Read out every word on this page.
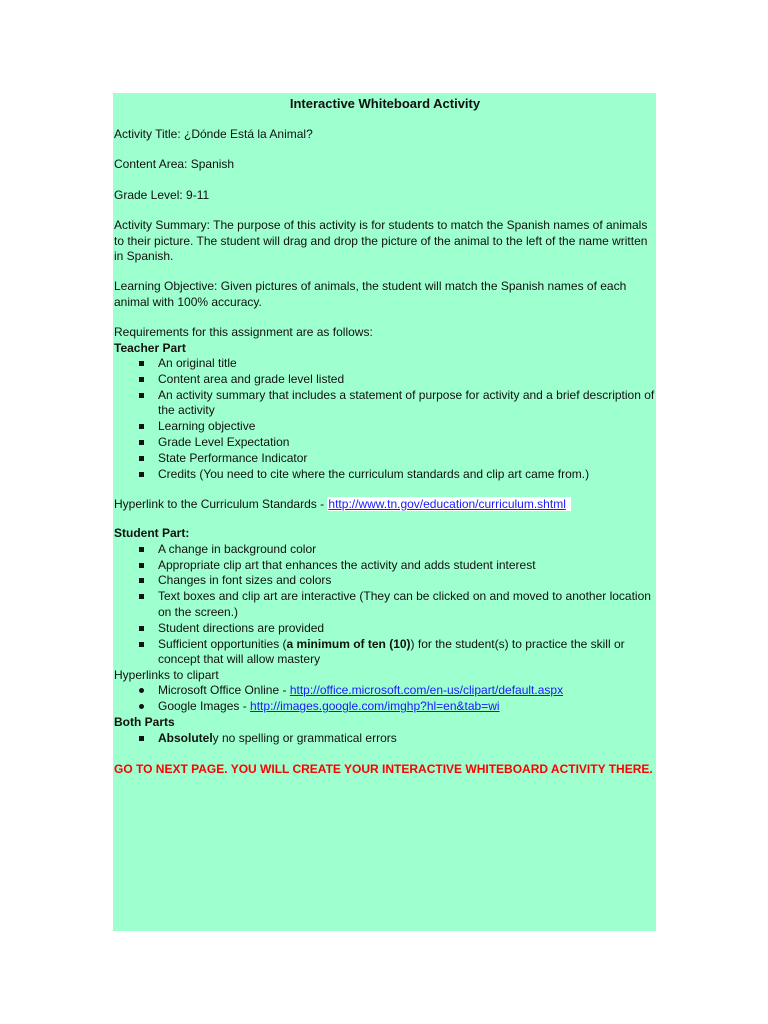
Interactive Whiteboard Activity

Activity Title: ¿Dónde Está la Animal?

Content Area: Spanish

Grade Level: 9-11

Activity Summary: The purpose of this activity is for students to match the Spanish names of animals to their picture. The student will drag and drop the picture of the animal to the left of the name written in Spanish.

Learning Objective: Given pictures of animals, the student will match the Spanish names of each animal with 100% accuracy.

Requirements for this assignment are as follows:
Teacher Part
An original title
Content area and grade level listed
An activity summary that includes a statement of purpose for activity and a brief description of the activity
Learning objective
Grade Level Expectation
State Performance Indicator
Credits (You need to cite where the curriculum standards and clip art came from.)
Hyperlink to the Curriculum Standards - http://www.tn.gov/education/curriculum.shtml
Student Part:
A change in background color
Appropriate clip art that enhances the activity and adds student interest
Changes in font sizes and colors
Text boxes and clip art are interactive (They can be clicked on and moved to another location on the screen.)
Student directions are provided
Sufficient opportunities (a minimum of ten (10)) for the student(s) to practice the skill or concept that will allow mastery
Hyperlinks to clipart
Microsoft Office Online - http://office.microsoft.com/en-us/clipart/default.aspx
Google Images - http://images.google.com/imghp?hl=en&tab=wi
Both Parts
Absolutely no spelling or grammatical errors
GO TO NEXT PAGE. YOU WILL CREATE YOUR INTERACTIVE WHITEBOARD ACTIVITY THERE.
